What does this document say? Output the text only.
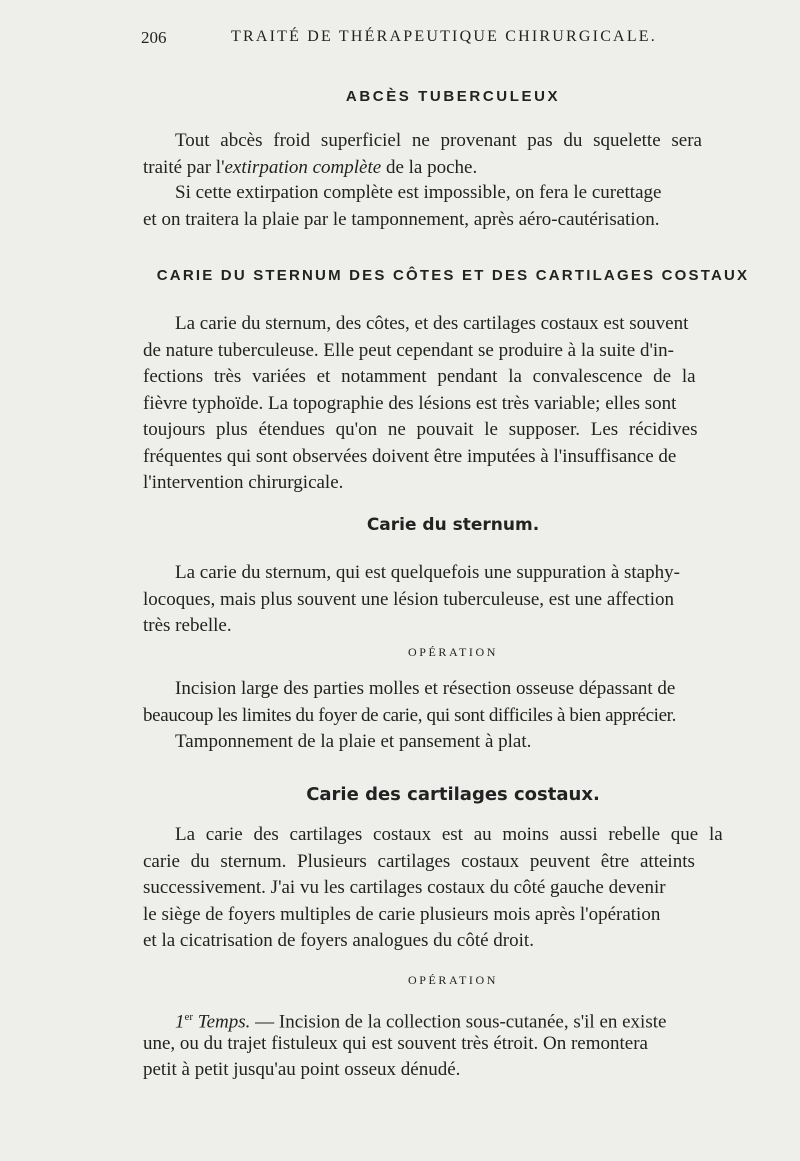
206	TRAITÉ DE THÉRAPEUTIQUE CHIRURGICALE.
ABCÈS TUBERCULEUX
Tout abcès froid superficiel ne provenant pas du squelette sera
traité par l'extirpation complète de la poche.
Si cette extirpation complète est impossible, on fera le curettage
et on traitera la plaie par le tamponnement, après aéro-cautérisation.
CARIE DU STERNUM DES CÔTES ET DES CARTILAGES COSTAUX
La carie du sternum, des côtes, et des cartilages costaux est souvent
de nature tuberculeuse. Elle peut cependant se produire à la suite d'in-
fections très variées et notamment pendant la convalescence de la
fièvre typhoïde. La topographie des lésions est très variable; elles sont
toujours plus étendues qu'on ne pouvait le supposer. Les récidives
fréquentes qui sont observées doivent être imputées à l'insuffisance de
l'intervention chirurgicale.
Carie du sternum.
La carie du sternum, qui est quelquefois une suppuration à staphy-
locoques, mais plus souvent une lésion tuberculeuse, est une affection
très rebelle.
OPÉRATION
Incision large des parties molles et résection osseuse dépassant de
beaucoup les limites du foyer de carie, qui sont difficiles à bien apprécier.
Tamponnement de la plaie et pansement à plat.
Carie des cartilages costaux.
La carie des cartilages costaux est au moins aussi rebelle que la
carie du sternum. Plusieurs cartilages costaux peuvent être atteints
successivement. J'ai vu les cartilages costaux du côté gauche devenir
le siège de foyers multiples de carie plusieurs mois après l'opération
et la cicatrisation de foyers analogues du côté droit.
OPÉRATION
1er Temps. — Incision de la collection sous-cutanée, s'il en existe
une, ou du trajet fistuleux qui est souvent très étroit. On remontera
petit à petit jusqu'au point osseux dénudé.
